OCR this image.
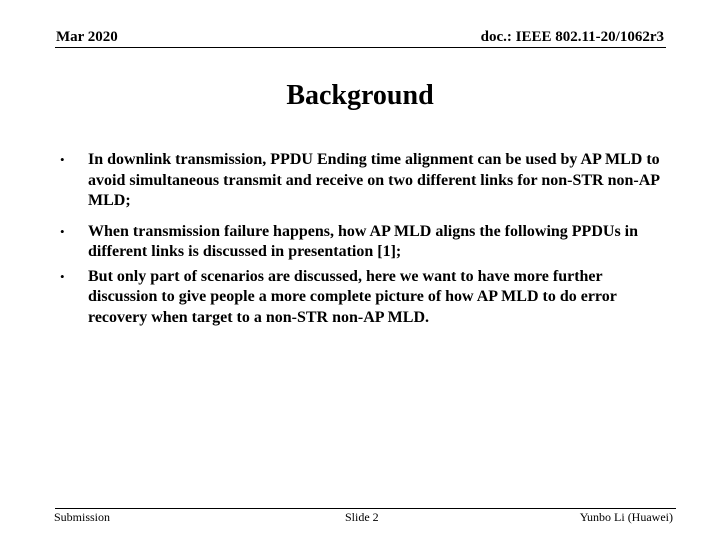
Mar 2020	doc.: IEEE 802.11-20/1062r3
Background
• In downlink transmission, PPDU Ending time alignment can be used by AP MLD to avoid simultaneous transmit and receive on two different links for non-STR non-AP MLD;
• When transmission failure happens, how AP MLD aligns the following PPDUs in different links is discussed in presentation [1];
• But only part of scenarios are discussed, here we want to have more further discussion to give people a more complete picture of how AP MLD to do error recovery when target to a non-STR non-AP MLD.
Submission	Slide 2	Yunbo Li (Huawei)
